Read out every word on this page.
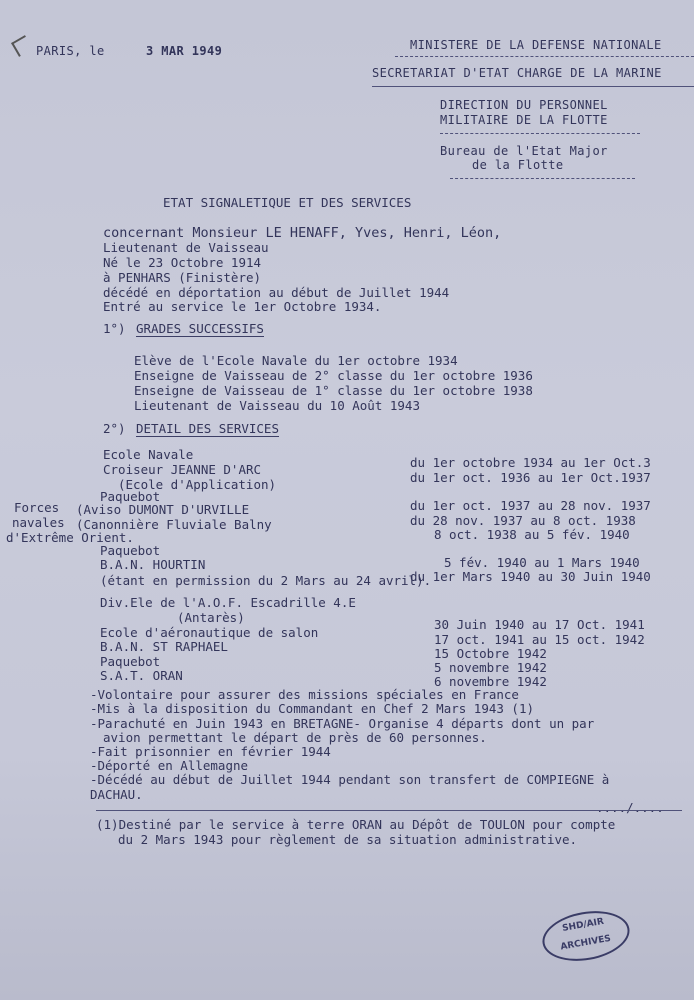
PARIS, le	3 MAR 1949	MINISTERE DE LA DEFENSE NATIONALE
SECRETARIAT D'ETAT CHARGE DE LA MARINE
DIRECTION DU PERSONNEL
MILITAIRE DE LA FLOTTE
Bureau de l'Etat Major
de la Flotte
ETAT SIGNALETIQUE ET DES SERVICES
concernant Monsieur LE HENAFF, Yves, Henri, Léon,
Lieutenant de Vaisseau
Né le 23 Octobre 1914
à PENHARS (Finistère)
décédé en déportation au début de Juillet 1944
Entré au service le 1er Octobre 1934.
1°) GRADES SUCCESSIFS
Elève de l'Ecole Navale du 1er octobre 1934
Enseigne de Vaisseau de 2° classe du 1er octobre 1936
Enseigne de Vaisseau de 1° classe du 1er octobre 1938
Lieutenant de Vaisseau du 10 Août 1943
2°) DETAIL DES SERVICES
Forces
navales
d'Extrême Orient.
Ecole Navale
Croiseur JEANNE D'ARC
(Ecole d'Application)
Paquebot
(Aviso DUMONT D'URVILLE
(Canonnière Fluviale Balny
Paquebot
B.A.N. HOURTIN
(étant en permission du 2 Mars au 24 avril).
Div.Ele de l'A.O.F. Escadrille 4.E
(Antarès)
Ecole d'aéronautique de salon
B.A.N. ST RAPHAEL
Paquebot
S.A.T. ORAN
du 1er octobre 1934 au 1er Oct.3
du 1er oct. 1936 au 1er Oct.1937
du 1er oct. 1937 au 28 nov. 1937
du 28 nov. 1937 au 8 oct. 1938
8 oct. 1938 au 5 fév. 1940
5 fév. 1940 au 1 Mars 1940
du 1er Mars 1940 au 30 Juin 1940
30 Juin 1940 au 17 Oct. 1941
17 oct. 1941 au 15 oct. 1942
15 Octobre 1942
5 novembre 1942
6 novembre 1942
-Volontaire pour assurer des missions spéciales en France
-Mis à la disposition du Commandant en Chef 2 Mars 1943 (1)
-Parachuté en Juin 1943 en BRETAGNE- Organise 4 départs dont un par
avion permettant le départ de près de 60 personnes.
-Fait prisonnier en février 1944
-Déporté en Allemagne
-Décédé au début de Juillet 1944 pendant son transfert de COMPIEGNE à
DACHAU.
..../....
(1)Destiné par le service à terre ORAN au Dépôt de TOULON pour compte
du 2 Mars 1943 pour règlement de sa situation administrative.
SHD/AIR
ARCHIVES
